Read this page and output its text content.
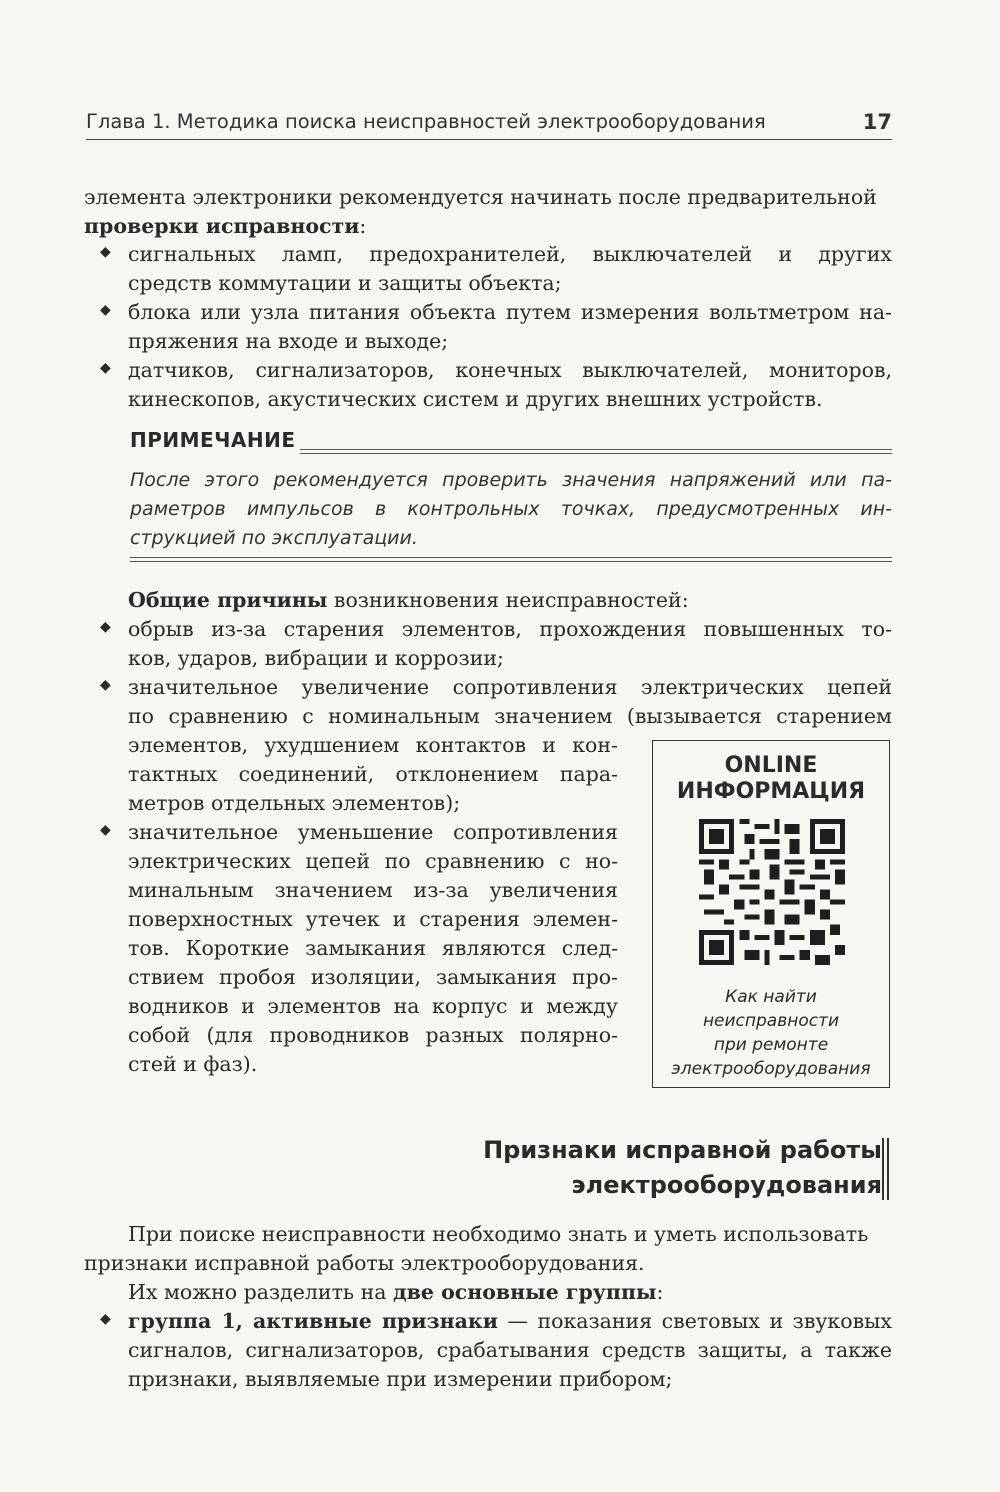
Глава 1. Методика поиска неисправностей электрооборудования	17
элемента электроники рекомендуется начинать после предварительной
проверки исправности:
◆ сигнальных ламп, предохранителей, выключателей и других
средств коммутации и защиты объекта;
◆ блока или узла питания объекта путем измерения вольтметром на-
пряжения на входе и выходе;
◆ датчиков, сигнализаторов, конечных выключателей, мониторов,
кинескопов, акустических систем и других внешних устройств.
ПРИМЕЧАНИЕ
После этого рекомендуется проверить значения напряжений или па-
раметров импульсов в контрольных точках, предусмотренных ин-
струкцией по эксплуатации.
Общие причины возникновения неисправностей:
◆ обрыв из-за старения элементов, прохождения повышенных то-
ков, ударов, вибрации и коррозии;
◆ значительное увеличение сопротивления электрических цепей
по сравнению с номинальным значением (вызывается старением
элементов, ухудшением контактов и кон-
тактных соединений, отклонением пара-
метров отдельных элементов);
◆ значительное уменьшение сопротивления
электрических цепей по сравнению с но-
минальным значением из-за увеличения
поверхностных утечек и старения элемен-
тов. Короткие замыкания являются след-
ствием пробоя изоляции, замыкания про-
водников и элементов на корпус и между
собой (для проводников разных полярно-
стей и фаз).
ONLINE
ИНФОРМАЦИЯ
Как найти
неисправности
при ремонте
электрооборудования
Признаки исправной работы
электрооборудования
При поиске неисправности необходимо знать и уметь использовать
признаки исправной работы электрооборудования.
Их можно разделить на две основные группы:
◆ группа 1, активные признаки — показания световых и звуковых
сигналов, сигнализаторов, срабатывания средств защиты, а также
признаки, выявляемые при измерении прибором;
